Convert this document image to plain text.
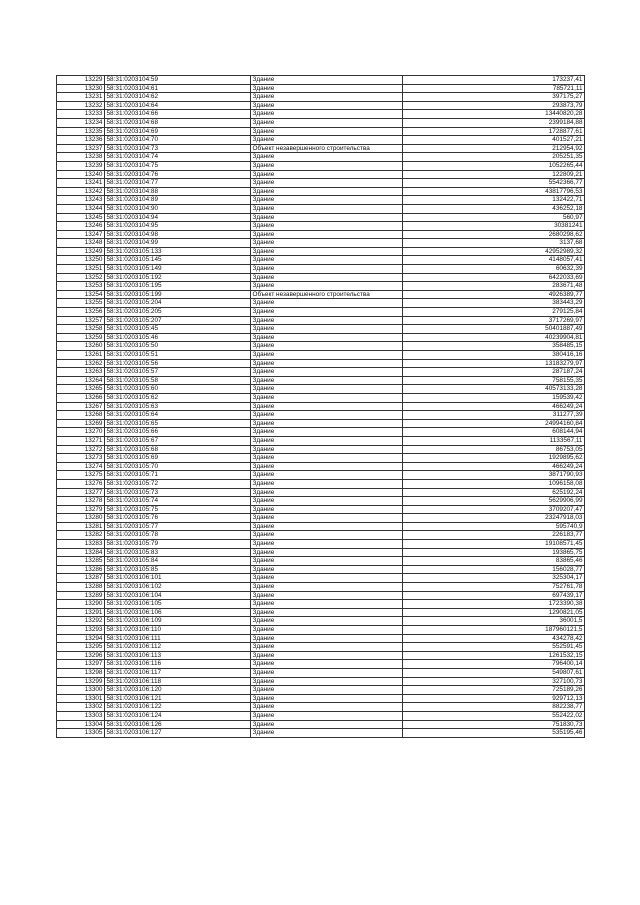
13229	58:31:0203104:59	Здание	173237,41
13230	58:31:0203104:61	Здание	785721,11
13231	58:31:0203104:62	Здание	397175,27
13232	58:31:0203104:64	Здание	293873,79
13233	58:31:0203104:66	Здание	13440820,28
13234	58:31:0203104:68	Здание	2399184,88
13235	58:31:0203104:69	Здание	1728877,61
13236	58:31:0203104:70	Здание	401527,21
13237	58:31:0203104:73	Объект незавершенного строительства	212954,92
13238	58:31:0203104:74	Здание	205251,35
13239	58:31:0203104:75	Здание	1052265,44
13240	58:31:0203104:76	Здание	122809,21
13241	58:31:0203104:77	Здание	5542366,77
13242	58:31:0203104:88	Здание	43817796,53
13243	58:31:0203104:89	Здание	132422,71
13244	58:31:0203104:90	Здание	436252,18
13245	58:31:0203104:94	Здание	560,97
13246	58:31:0203104:95	Здание	30381241
13247	58:31:0203104:98	Здание	2680298,62
13248	58:31:0203104:99	Здание	3137,68
13249	58:31:0203105:133	Здание	42952989,32
13250	58:31:0203105:145	Здание	4148057,41
13251	58:31:0203105:149	Здание	60632,39
13252	58:31:0203105:192	Здание	6422033,69
13253	58:31:0203105:195	Здание	283671,48
13254	58:31:0203105:199	Объект незавершенного строительства	4926389,77
13255	58:31:0203105:204	Здание	383443,29
13256	58:31:0203105:205	Здание	279125,84
13257	58:31:0203105:207	Здание	3717269,97
13258	58:31:0203105:45	Здание	50401887,49
13259	58:31:0203105:46	Здание	40239904,81
13260	58:31:0203105:50	Здание	358485,15
13261	58:31:0203105:51	Здание	380416,16
13262	58:31:0203105:56	Здание	13183279,97
13263	58:31:0203105:57	Здание	287187,24
13264	58:31:0203105:58	Здание	758155,35
13265	58:31:0203105:60	Здание	40573133,28
13266	58:31:0203105:62	Здание	159539,42
13267	58:31:0203105:63	Здание	466249,24
13268	58:31:0203105:64	Здание	311277,39
13269	58:31:0203105:65	Здание	24994160,84
13270	58:31:0203105:66	Здание	608144,94
13271	58:31:0203105:67	Здание	1133567,11
13272	58:31:0203105:68	Здание	86753,05
13273	58:31:0203105:69	Здание	1929895,62
13274	58:31:0203105:70	Здание	466249,24
13275	58:31:0203105:71	Здание	3871790,93
13276	58:31:0203105:72	Здание	1096158,08
13277	58:31:0203105:73	Здание	625192,24
13278	58:31:0203105:74	Здание	5629906,99
13279	58:31:0203105:75	Здание	3709207,47
13280	58:31:0203105:76	Здание	23247918,03
13281	58:31:0203105:77	Здание	595740,9
13282	58:31:0203105:78	Здание	226183,77
13283	58:31:0203105:79	Здание	19108571,45
13284	58:31:0203105:83	Здание	193865,75
13285	58:31:0203105:84	Здание	83865,46
13286	58:31:0203105:85	Здание	156028,77
13287	58:31:0203106:101	Здание	325304,17
13288	58:31:0203106:102	Здание	752761,78
13289	58:31:0203106:104	Здание	697439,17
13290	58:31:0203106:105	Здание	1723390,38
13291	58:31:0203106:106	Здание	1290821,05
13292	58:31:0203106:109	Здание	36001,5
13293	58:31:0203106:110	Здание	187960121,5
13294	58:31:0203106:111	Здание	434278,42
13295	58:31:0203106:112	Здание	552591,45
13296	58:31:0203106:113	Здание	1261532,15
13297	58:31:0203106:116	Здание	796400,14
13298	58:31:0203106:117	Здание	549807,61
13299	58:31:0203106:118	Здание	327100,73
13300	58:31:0203106:120	Здание	725189,26
13301	58:31:0203106:121	Здание	929712,13
13302	58:31:0203106:122	Здание	882238,77
13303	58:31:0203106:124	Здание	552422,02
13304	58:31:0203106:126	Здание	751830,73
13305	58:31:0203106:127	Здание	535195,46
